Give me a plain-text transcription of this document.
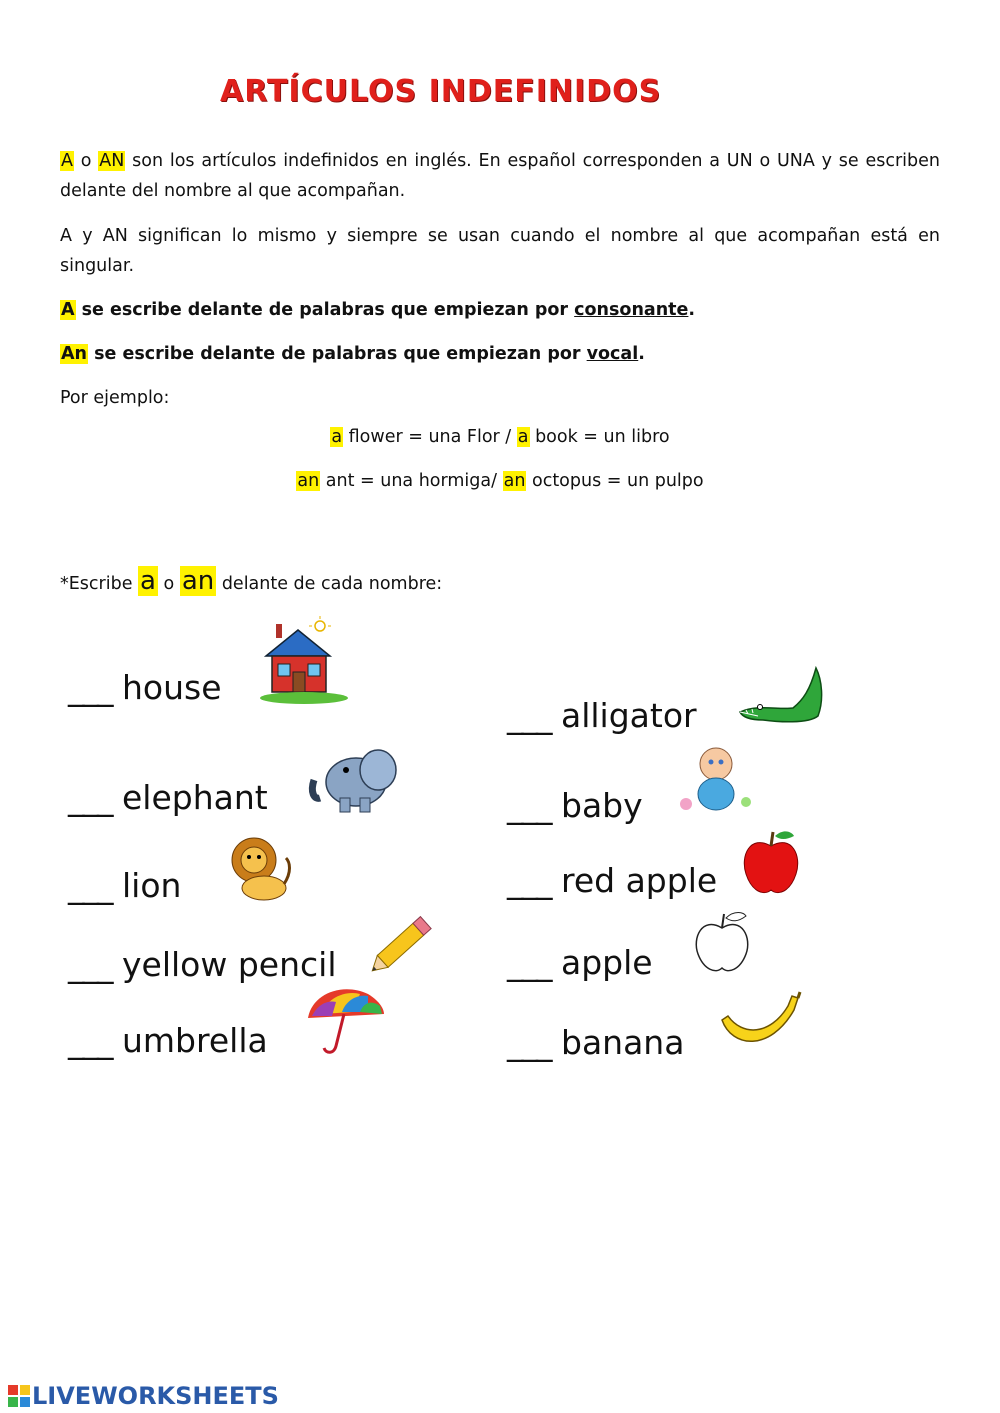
ARTÍCULOS INDEFINIDOS
A o AN son los artículos indefinidos en inglés. En español corresponden a UN o UNA y se escriben delante del nombre al que acompañan.
A y AN significan lo mismo y siempre se usan cuando el nombre al que acompañan está en singular.
A se escribe delante de palabras que empiezan por consonante.
An se escribe delante de palabras que empiezan por vocal.
Por ejemplo:
a flower = una Flor / a book = un libro
an ant = una hormiga/ an octopus = un pulpo
*Escribe a o an delante de cada nombre:
___ house
___ elephant
___ lion
___ yellow pencil
___ umbrella
___ alligator
___ baby
___ red apple
___ apple
___ banana
LIVEWORKSHEETS
